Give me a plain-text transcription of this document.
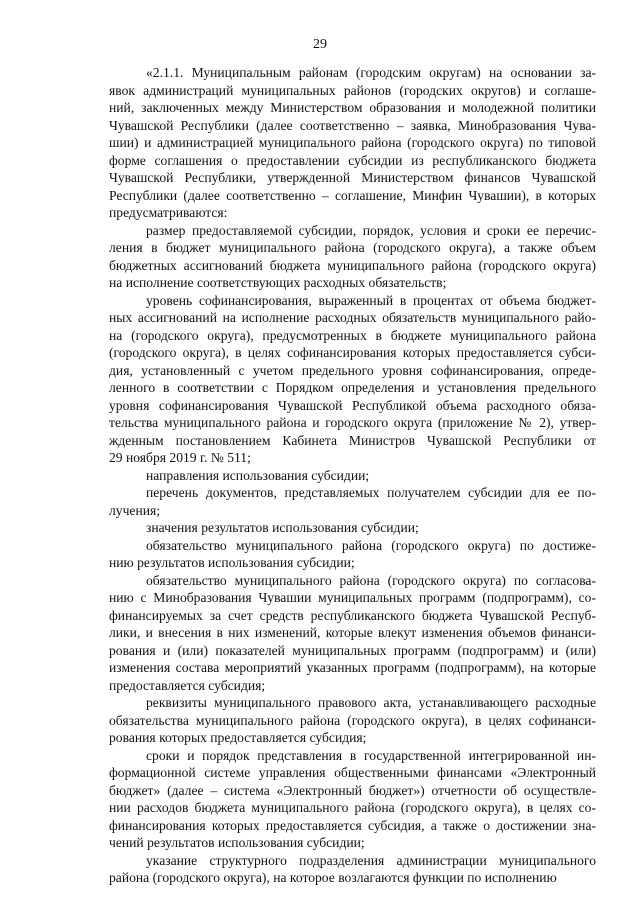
29
«2.1.1. Муниципальным районам (городским округам) на основании за-
явок администраций муниципальных районов (городских округов) и соглаше-
ний, заключенных между Министерством образования и молодежной политики
Чувашской Республики (далее соответственно – заявка, Минобразования Чува-
шии) и администрацией муниципального района (городского округа) по типовой
форме соглашения о предоставлении субсидии из республиканского бюджета
Чувашской Республики, утвержденной Министерством финансов Чувашской
Республики (далее соответственно – соглашение, Минфин Чувашии), в которых
предусматриваются:
размер предоставляемой субсидии, порядок, условия и сроки ее перечис-
ления в бюджет муниципального района (городского округа), а также объем
бюджетных ассигнований бюджета муниципального района (городского округа)
на исполнение соответствующих расходных обязательств;
уровень софинансирования, выраженный в процентах от объема бюджет-
ных ассигнований на исполнение расходных обязательств муниципального райо-
на (городского округа), предусмотренных в бюджете муниципального района
(городского округа), в целях софинансирования которых предоставляется субси-
дия, установленный с учетом предельного уровня софинансирования, опреде-
ленного в соответствии с Порядком определения и установления предельного
уровня софинансирования Чувашской Республикой объема расходного обяза-
тельства муниципального района и городского округа (приложение № 2), утвер-
жденным постановлением Кабинета Министров Чувашской Республики от
29 ноября 2019 г. № 511;
направления использования субсидии;
перечень документов, представляемых получателем субсидии для ее по-
лучения;
значения результатов использования субсидии;
обязательство муниципального района (городского округа) по достиже-
нию результатов использования субсидии;
обязательство муниципального района (городского округа) по согласова-
нию с Минобразования Чувашии муниципальных программ (подпрограмм), со-
финансируемых за счет средств республиканского бюджета Чувашской Респуб-
лики, и внесения в них изменений, которые влекут изменения объемов финанси-
рования и (или) показателей муниципальных программ (подпрограмм) и (или)
изменения состава мероприятий указанных программ (подпрограмм), на которые
предоставляется субсидия;
реквизиты муниципального правового акта, устанавливающего расходные
обязательства муниципального района (городского округа), в целях софинанси-
рования которых предоставляется субсидия;
сроки и порядок представления в государственной интегрированной ин-
формационной системе управления общественными финансами «Электронный
бюджет» (далее – система «Электронный бюджет») отчетности об осуществле-
нии расходов бюджета муниципального района (городского округа), в целях со-
финансирования которых предоставляется субсидия, а также о достижении зна-
чений результатов использования субсидии;
указание структурного подразделения администрации муниципального
района (городского округа), на которое возлагаются функции по исполнению
